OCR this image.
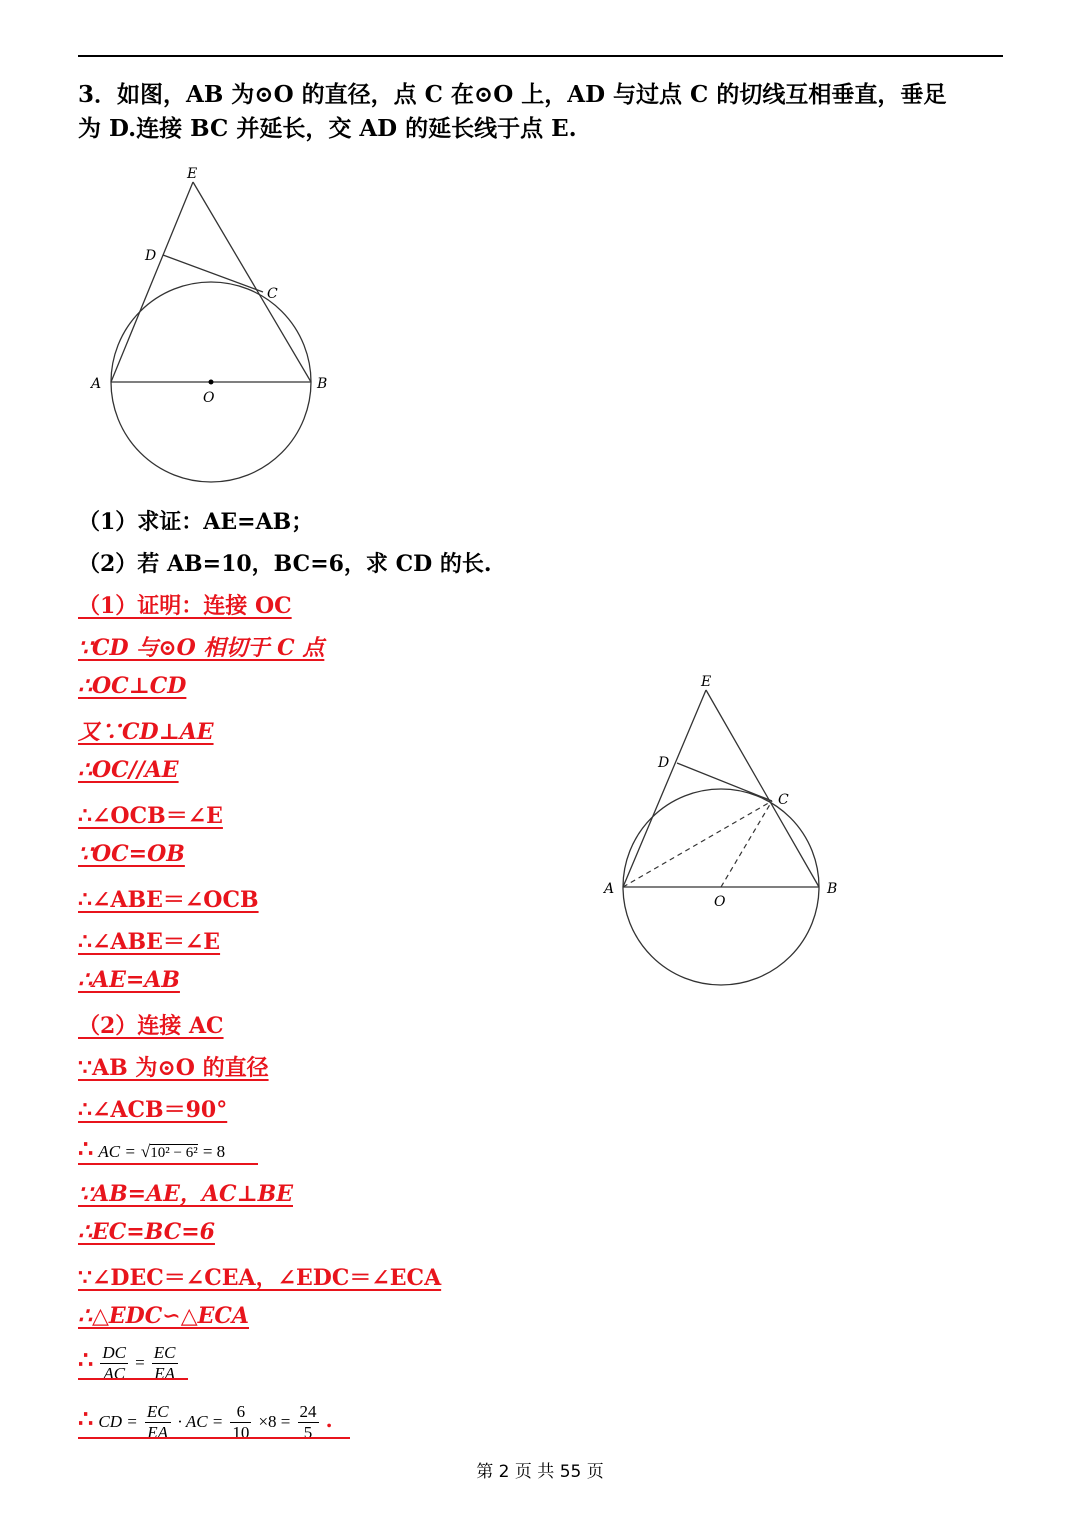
3．如图，AB 为⊙O 的直径，点 C 在⊙O 上，AD 与过点 C 的切线互相垂直，垂足
为 D.连接 BC 并延长，交 AD 的延长线于点 E.
E
D
C
A
O
B
（1）求证：AE=AB；
（2）若 AB=10，BC=6，求 CD 的长.
（1）证明：连接 OC
∵CD 与⊙O 相切于 C 点
∴OC⊥CD
又∵CD⊥AE
∴OC//AE
∴∠OCB＝∠E
∵OC=OB
∴∠ABE＝∠OCB
∴∠ABE＝∠E
∴AE=AB
（2）连接 AC
∵AB 为⊙O 的直径
∴∠ACB＝90°
∴ AC = √10² − 6² = 8
∵AB=AE，AC⊥BE
∴EC=BC=6
∵∠DEC＝∠CEA，∠EDC＝∠ECA
∴△EDC∽△ECA
∴ $\frac{DC}{AC} = \frac{EC}{EA}$
∴ CD = $\frac{EC}{EA}$ · AC = $\frac{6}{10} \times 8 = \frac{24}{5}$ .
E
D
C
A
O
B
第 2 页 共 55 页
